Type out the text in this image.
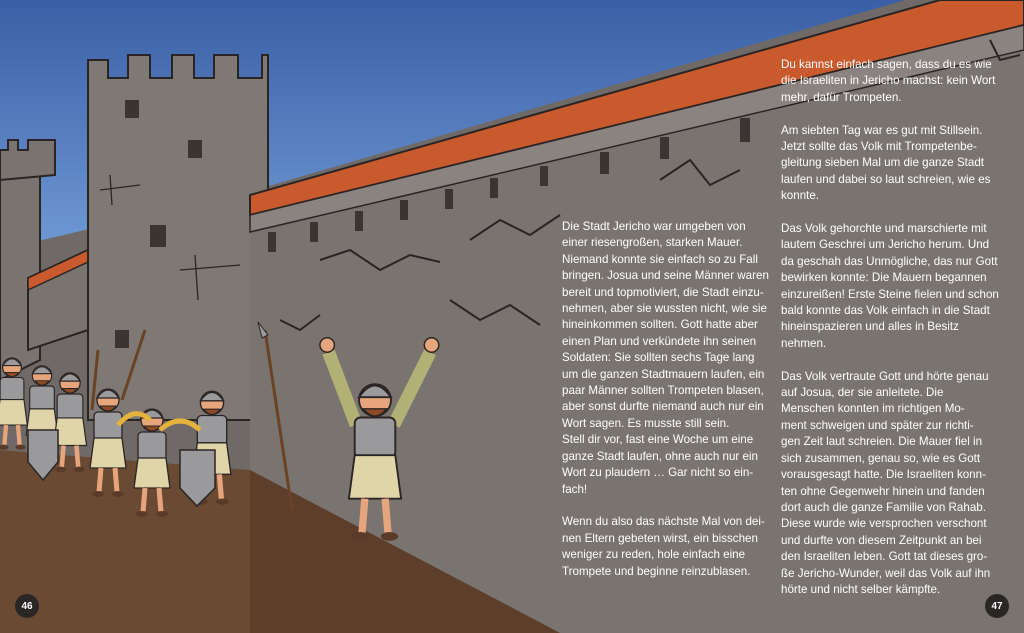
Die Stadt Jericho war umgeben von einer riesengroßen, starken Mauer. Niemand konnte sie einfach so zu Fall bringen. Josua und seine Männer waren bereit und topmotiviert, die Stadt einzu-
nehmen, aber sie wussten nicht, wie sie hineinkommen sollten. Gott hatte aber einen Plan und verkündete ihn seinen Soldaten: Sie sollten sechs Tage lang um die ganzen Stadtmauern laufen, ein paar Männer sollten Trompeten blasen, aber sonst durfte niemand auch nur ein Wort sagen. Es musste still sein.
Stell dir vor, fast eine Woche um eine ganze Stadt laufen, ohne auch nur ein Wort zu plaudern … Gar nicht so ein-
fach!

Wenn du also das nächste Mal von dei-
nen Eltern gebeten wirst, ein bisschen weniger zu reden, hole einfach eine Trompete und beginne reinzublasen.

Du kannst einfach sagen, dass du es wie die Israeliten in Jericho machst: kein Wort mehr, dafür Trompeten.

Am siebten Tag war es gut mit Stillsein. Jetzt sollte das Volk mit Trompetenbe-
gleitung sieben Mal um die ganze Stadt laufen und dabei so laut schreien, wie es konnte.

Das Volk gehorchte und marschierte mit lautem Geschrei um Jericho herum. Und da geschah das Unmögliche, das nur Gott bewirken konnte: Die Mauern begannen einzureißen! Erste Steine fielen und schon bald konnte das Volk einfach in die Stadt hineinspazieren und alles in Besitz nehmen.

Das Volk vertraute Gott und hörte genau auf Josua, der sie anleitete. Die Menschen konnten im richtigen Mo-
ment schweigen und später zur richti-
gen Zeit laut schreien. Die Mauer fiel in sich zusammen, genau so, wie es Gott vorausgesagt hatte. Die Israeliten konn-
ten ohne Gegenwehr hinein und fanden dort auch die ganze Familie von Rahab. Diese wurde wie versprochen verschont und durfte von diesem Zeitpunkt an bei den Israeliten leben. Gott tat dieses gro-
ße Jericho-Wunder, weil das Volk auf ihn hörte und nicht selber kämpfte.

46	47
